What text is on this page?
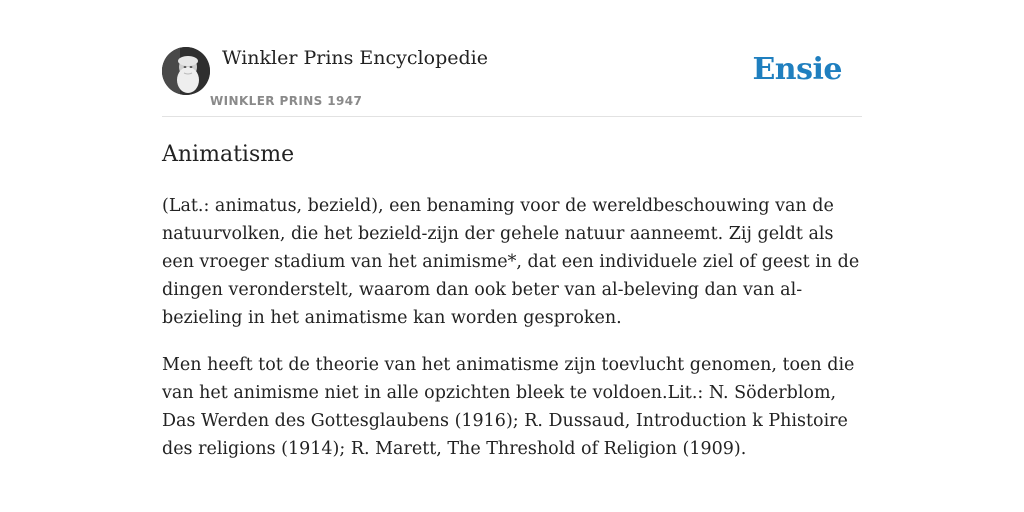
Winkler Prins Encyclopedie
WINKLER PRINS 1947
Ensie
Animatisme

(Lat.: animatus, bezield), een benaming voor de wereldbeschouwing van de natuurvolken, die het bezield-zijn der gehele natuur aanneemt. Zij geldt als een vroeger stadium van het animisme*, dat een individuele ziel of geest in de dingen veronderstelt, waarom dan ook beter van al-beleving dan van al-bezieling in het animatisme kan worden gesproken.

Men heeft tot de theorie van het animatisme zijn toevlucht genomen, toen die van het animisme niet in alle opzichten bleek te voldoen.Lit.: N. Söderblom, Das Werden des Gottesglaubens (1916); R. Dussaud, Introduction k Phistoire des religions (1914); R. Marett, The Threshold of Religion (1909).
